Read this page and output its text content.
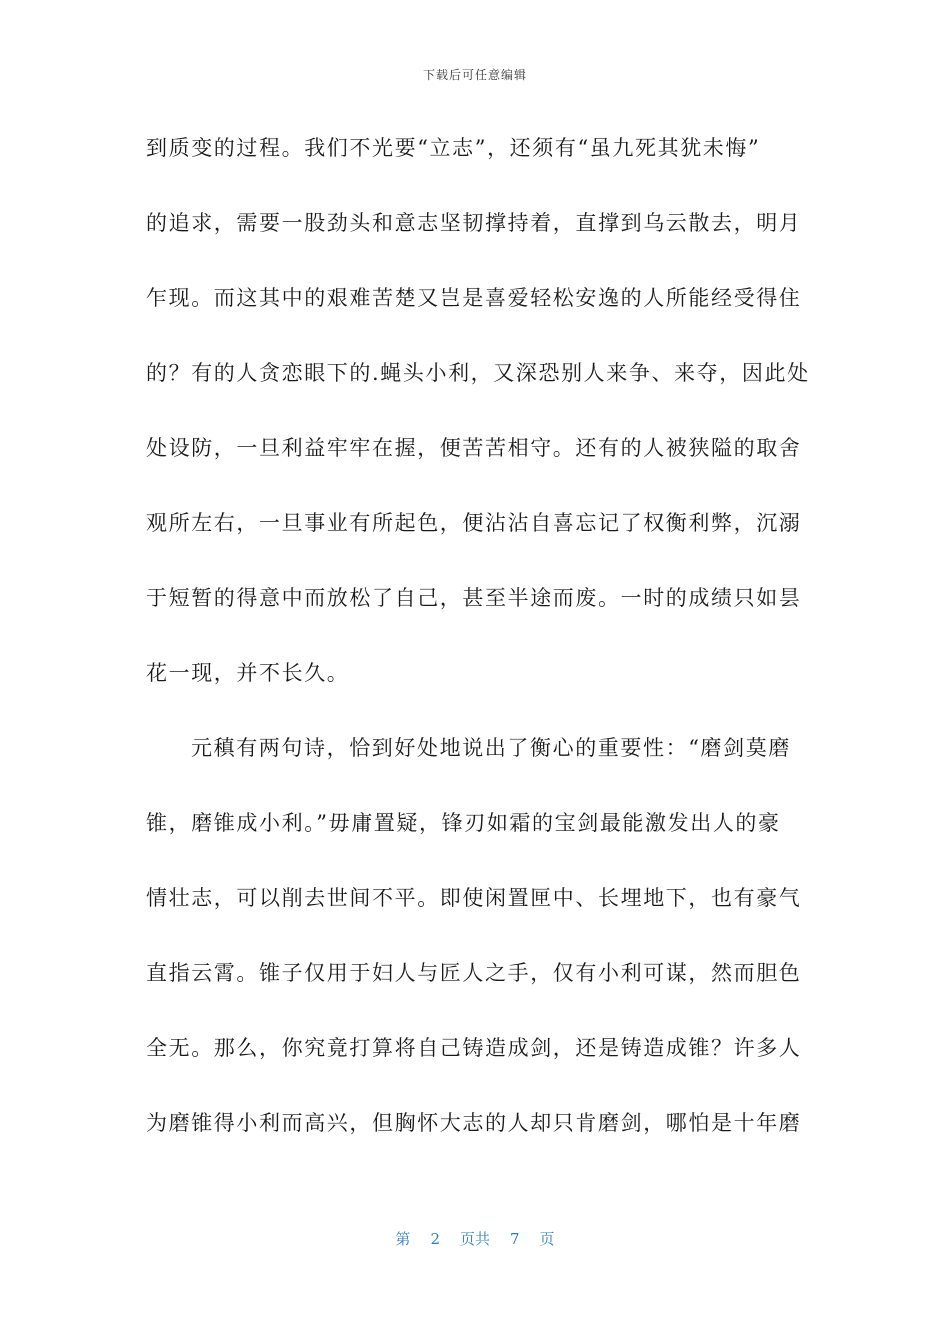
下载后可任意编辑
到质变的过程。我们不光要“立志”，还须有“虽九死其犹未悔”
的追求，需要一股劲头和意志坚韧撑持着，直撑到乌云散去，明月
乍现。而这其中的艰难苦楚又岂是喜爱轻松安逸的人所能经受得住
的？有的人贪恋眼下的.蝇头小利，又深恐别人来争、来夺，因此处
处设防，一旦利益牢牢在握，便苦苦相守。还有的人被狭隘的取舍
观所左右，一旦事业有所起色，便沾沾自喜忘记了权衡利弊，沉溺
于短暂的得意中而放松了自己，甚至半途而废。一时的成绩只如昙
花一现，并不长久。
元稹有两句诗，恰到好处地说出了衡心的重要性：“磨剑莫磨
锥，磨锥成小利。”毋庸置疑，锋刃如霜的宝剑最能激发出人的豪
情壮志，可以削去世间不平。即使闲置匣中、长埋地下，也有豪气
直指云霄。锥子仅用于妇人与匠人之手，仅有小利可谋，然而胆色
全无。那么，你究竟打算将自己铸造成剑，还是铸造成锥？许多人
为磨锥得小利而高兴，但胸怀大志的人却只肯磨剑，哪怕是十年磨
第 2 页共 7 页
